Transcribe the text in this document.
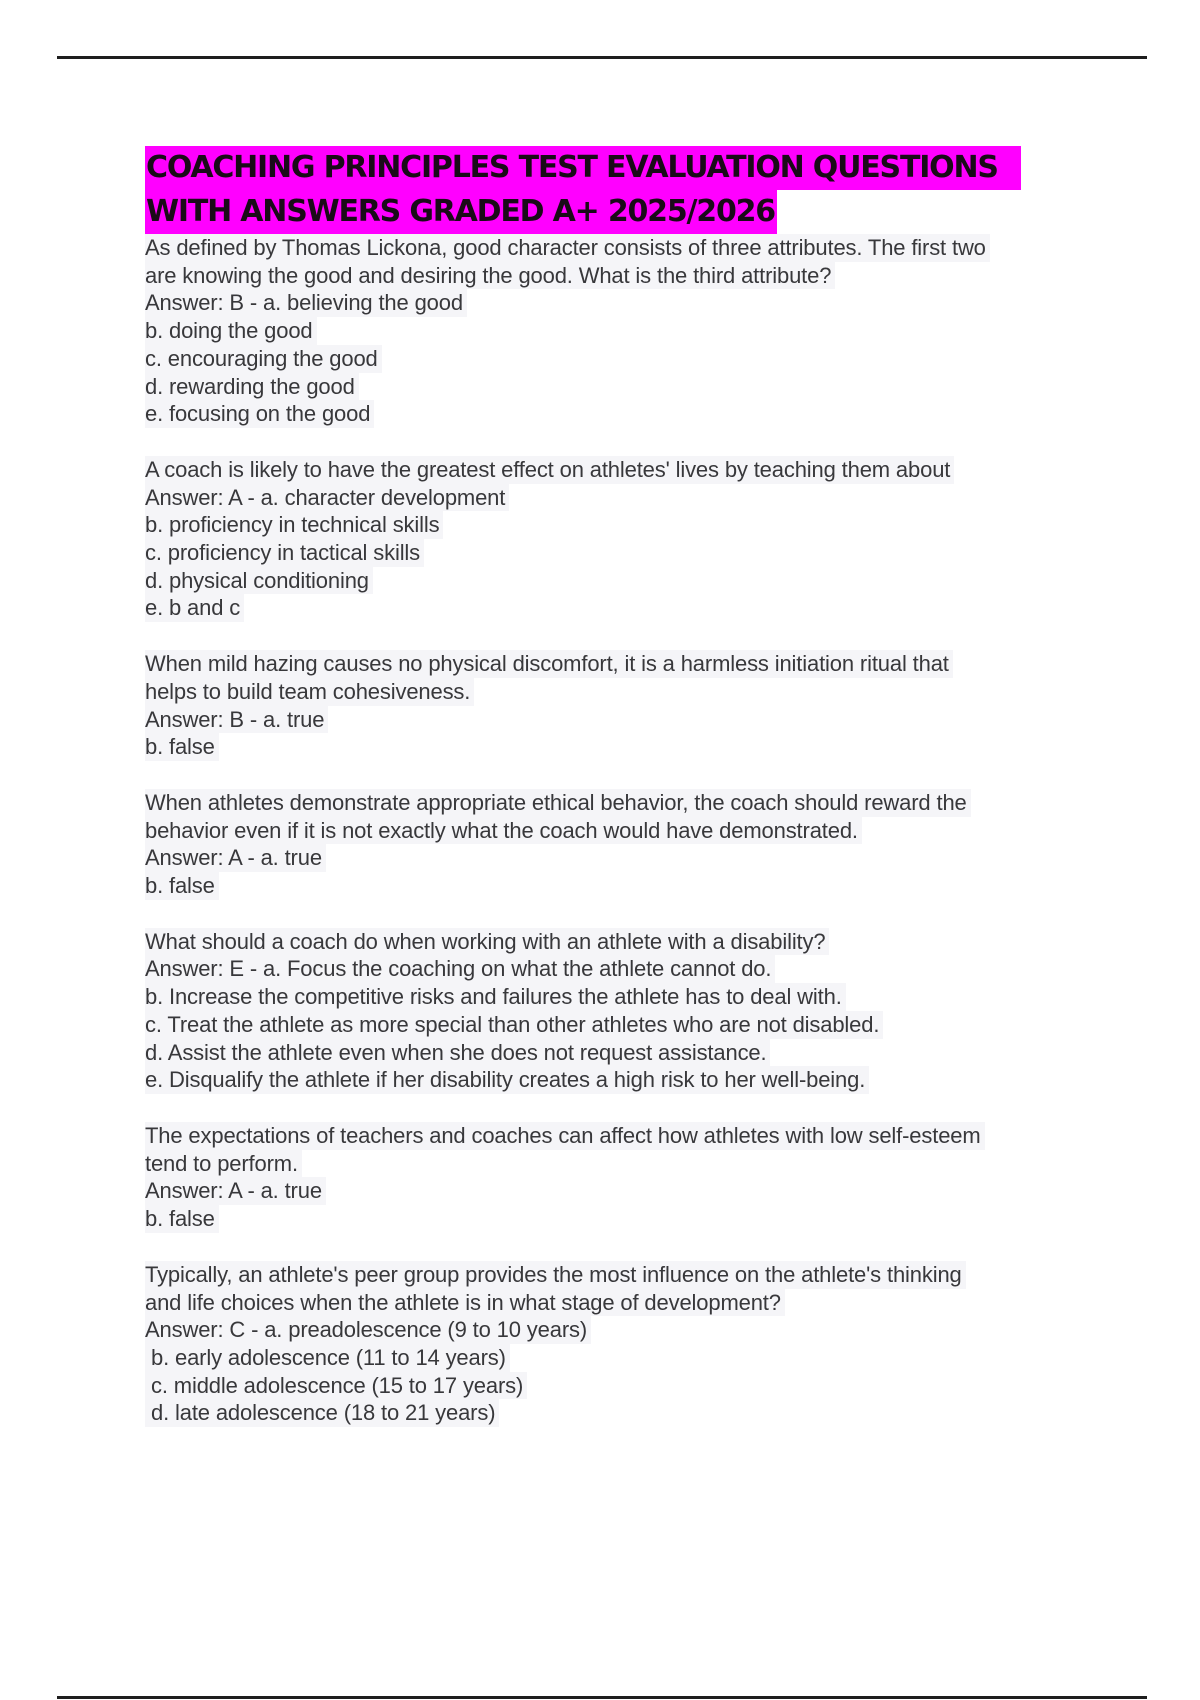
COACHING PRINCIPLES TEST EVALUATION QUESTIONS
WITH ANSWERS GRADED A+ 2025/2026
As defined by Thomas Lickona, good character consists of three attributes. The first two
are knowing the good and desiring the good. What is the third attribute?
Answer: B - a. believing the good
b. doing the good
c. encouraging the good
d. rewarding the good
e. focusing on the good
A coach is likely to have the greatest effect on athletes' lives by teaching them about
Answer: A - a. character development
b. proficiency in technical skills
c. proficiency in tactical skills
d. physical conditioning
e. b and c
When mild hazing causes no physical discomfort, it is a harmless initiation ritual that
helps to build team cohesiveness.
Answer: B - a. true
b. false
When athletes demonstrate appropriate ethical behavior, the coach should reward the
behavior even if it is not exactly what the coach would have demonstrated.
Answer: A - a. true
b. false
What should a coach do when working with an athlete with a disability?
Answer: E - a. Focus the coaching on what the athlete cannot do.
b. Increase the competitive risks and failures the athlete has to deal with.
c. Treat the athlete as more special than other athletes who are not disabled.
d. Assist the athlete even when she does not request assistance.
e. Disqualify the athlete if her disability creates a high risk to her well-being.
The expectations of teachers and coaches can affect how athletes with low self-esteem
tend to perform.
Answer: A - a. true
b. false
Typically, an athlete's peer group provides the most influence on the athlete's thinking
and life choices when the athlete is in what stage of development?
Answer: C - a. preadolescence (9 to 10 years)
b. early adolescence (11 to 14 years)
c. middle adolescence (15 to 17 years)
d. late adolescence (18 to 21 years)
